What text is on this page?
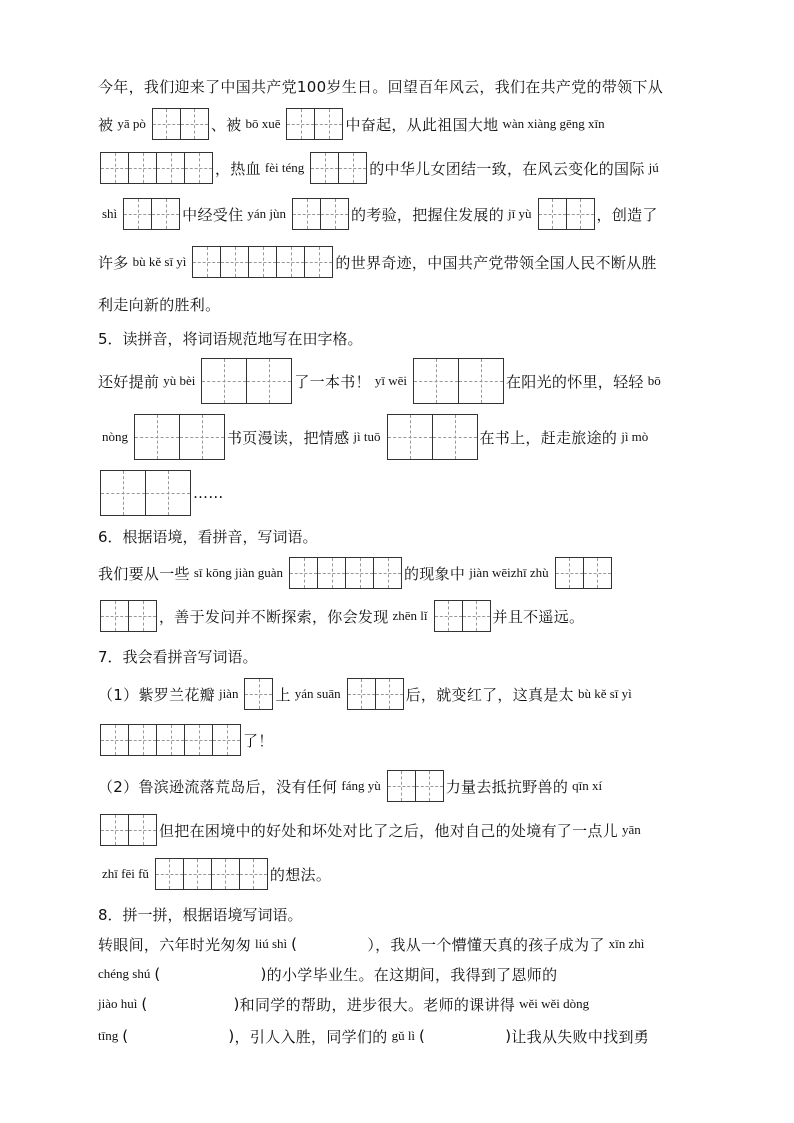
今年，我们迎来了中国共产党100岁生日。回望百年风云，我们在共产党的带领下从
被 yā pò	、被 bō xuē	中奋起，从此祖国大地 wàn xiàng gēng xīn
，热血 fèi téng	的中华儿女团结一致，在风云变化的国际 jú
shì	中经受住 yán jùn	的考验，把握住发展的 jī yù	，创造了
许多 bù kě sī yì	的世界奇迹，中国共产党带领全国人民不断从胜
利走向新的胜利。
5．读拼音，将词语规范地写在田字格。
还好提前 yù bèi	了一本书！ yī wēi	在阳光的怀里，轻轻 bō
nòng	书页漫读，把情感 jì tuō	在书上，赶走旅途的 jì mò
……
6．根据语境，看拼音，写词语。
我们要从一些 sī kōng jiàn guàn	的现象中 jiàn wēizhī zhù
，善于发问并不断探索，你会发现 zhēn lǐ	并且不遥远。
7．我会看拼音写词语。
（1）紫罗兰花瓣 jiàn 上 yán suān	后，就变红了，这真是太 bù kě sī yì
了！
（2）鲁滨逊流落荒岛后，没有任何 fáng yù	力量去抵抗野兽的 qīn xí
但把在困境中的好处和坏处对比了之后，他对自己的处境有了一点儿 yān
zhī fēi fǔ	的想法。
8．拼一拼，根据语境写词语。
转眼间，六年时光匆匆 liú shì (	），我从一个懵懂天真的孩子成为了 xīn zhì
chéng shú (	) 的小学毕业生。在这期间，我得到了恩师的
jiào huì (	) 和同学的帮助，进步很大。老师的课讲得 wěi wěi dòng
tīng (	) ，引人入胜，同学们的 gǔ lì (	) 让我从失败中找到勇
